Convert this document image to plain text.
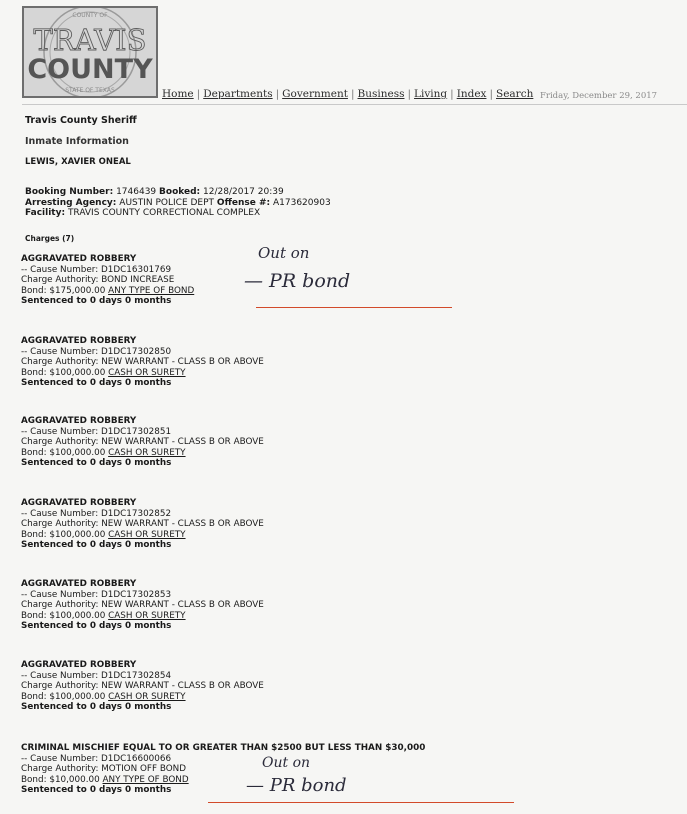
COUNTY OF
STATE OF TEXAS
TRAVIS
COUNTY
Home | Departments | Government | Business | Living | Index | Search Friday, December 29, 2017
Travis County Sheriff
Inmate Information
LEWIS, XAVIER ONEAL
Booking Number: 1746439 Booked: 12/28/2017 20:39
Arresting Agency: AUSTIN POLICE DEPT Offense #: A173620903
Facility: TRAVIS COUNTY CORRECTIONAL COMPLEX
Charges (7)
AGGRAVATED ROBBERY
-- Cause Number: D1DC16301769
Charge Authority: BOND INCREASE
Bond: $175,000.00 ANY TYPE OF BOND
Sentenced to 0 days 0 months
AGGRAVATED ROBBERY
-- Cause Number: D1DC17302850
Charge Authority: NEW WARRANT - CLASS B OR ABOVE
Bond: $100,000.00 CASH OR SURETY
Sentenced to 0 days 0 months
AGGRAVATED ROBBERY
-- Cause Number: D1DC17302851
Charge Authority: NEW WARRANT - CLASS B OR ABOVE
Bond: $100,000.00 CASH OR SURETY
Sentenced to 0 days 0 months
AGGRAVATED ROBBERY
-- Cause Number: D1DC17302852
Charge Authority: NEW WARRANT - CLASS B OR ABOVE
Bond: $100,000.00 CASH OR SURETY
Sentenced to 0 days 0 months
AGGRAVATED ROBBERY
-- Cause Number: D1DC17302853
Charge Authority: NEW WARRANT - CLASS B OR ABOVE
Bond: $100,000.00 CASH OR SURETY
Sentenced to 0 days 0 months
AGGRAVATED ROBBERY
-- Cause Number: D1DC17302854
Charge Authority: NEW WARRANT - CLASS B OR ABOVE
Bond: $100,000.00 CASH OR SURETY
Sentenced to 0 days 0 months
CRIMINAL MISCHIEF EQUAL TO OR GREATER THAN $2500 BUT LESS THAN $30,000
-- Cause Number: D1DC16600066
Charge Authority: MOTION OFF BOND
Bond: $10,000.00 ANY TYPE OF BOND
Sentenced to 0 days 0 months
Out on
— PR bond
Out on
— PR bond
